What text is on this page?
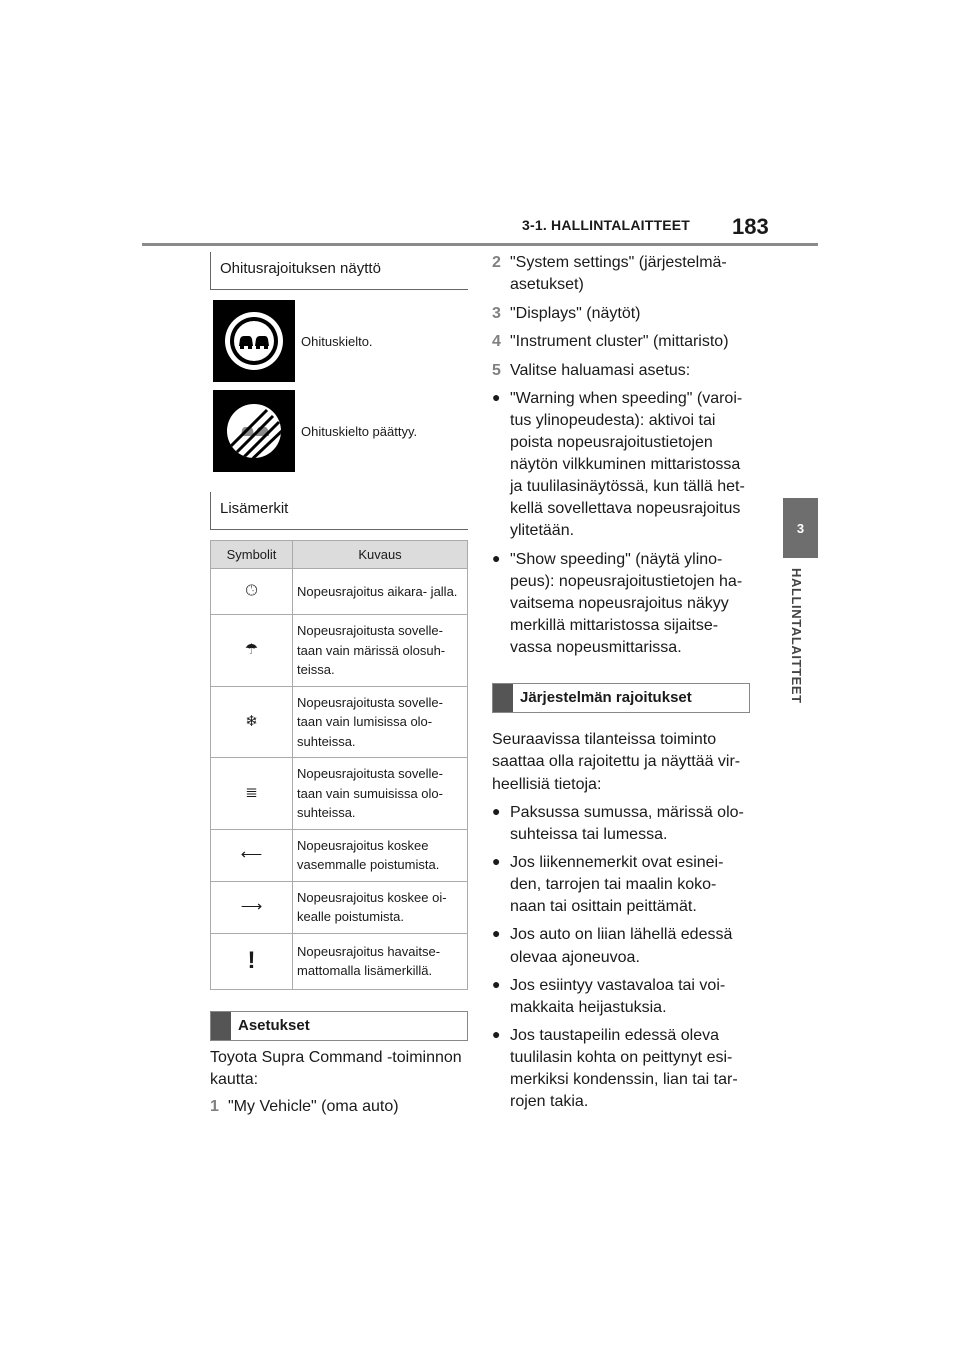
3-1. HALLINTALAITTEET 183
3
HALLINTALAITTEET
Ohitusrajoituksen näyttö
Ohituskielto.
Ohituskielto päättyy.
Lisämerkit
Symbolit	Kuvaus
🕓︎	Nopeusrajoitus aikara- jalla.
☂︎	Nopeusrajoitusta sovelle- taan vain märissä olosuh- teissa.
❄	Nopeusrajoitusta sovelle- taan vain lumisissa olo- suhteissa.
≣	Nopeusrajoitusta sovelle- taan vain sumuisissa olo- suhteissa.
⟵	Nopeusrajoitus koskee vasemmalle poistumista.
⟶	Nopeusrajoitus koskee oi- kealle poistumista.
!	Nopeusrajoitus havaitse- mattomalla lisämerkillä.
Asetukset
Toyota Supra Command -toiminnon kautta:
1 "My Vehicle" (oma auto)
2 "System settings" (järjestelmä- asetukset)
3 "Displays" (näytöt)
4 "Instrument cluster" (mittaristo)
5 Valitse haluamasi asetus:
● "Warning when speeding" (varoi- tus ylinopeudesta): aktivoi tai poista nopeusrajoitustietojen näytön vilkkuminen mittaristossa ja tuulilasinäytössä, kun tällä het- kellä sovellettava nopeusrajoitus ylitetään.
● "Show speeding" (näytä ylino- peus): nopeusrajoitustietojen ha- vaitsema nopeusrajoitus näkyy merkillä mittaristossa sijaitse- vassa nopeusmittarissa.
Järjestelmän rajoitukset
Seuraavissa tilanteissa toiminto saattaa olla rajoitettu ja näyttää vir- heellisiä tietoja:
● Paksussa sumussa, märissä olo- suhteissa tai lumessa.
● Jos liikennemerkit ovat esinei- den, tarrojen tai maalin koko- naan tai osittain peittämät.
● Jos auto on liian lähellä edessä olevaa ajoneuvoa.
● Jos esiintyy vastavaloa tai voi- makkaita heijastuksia.
● Jos taustapeilin edessä oleva tuulilasin kohta on peittynyt esi- merkiksi kondenssin, lian tai tar- rojen takia.
